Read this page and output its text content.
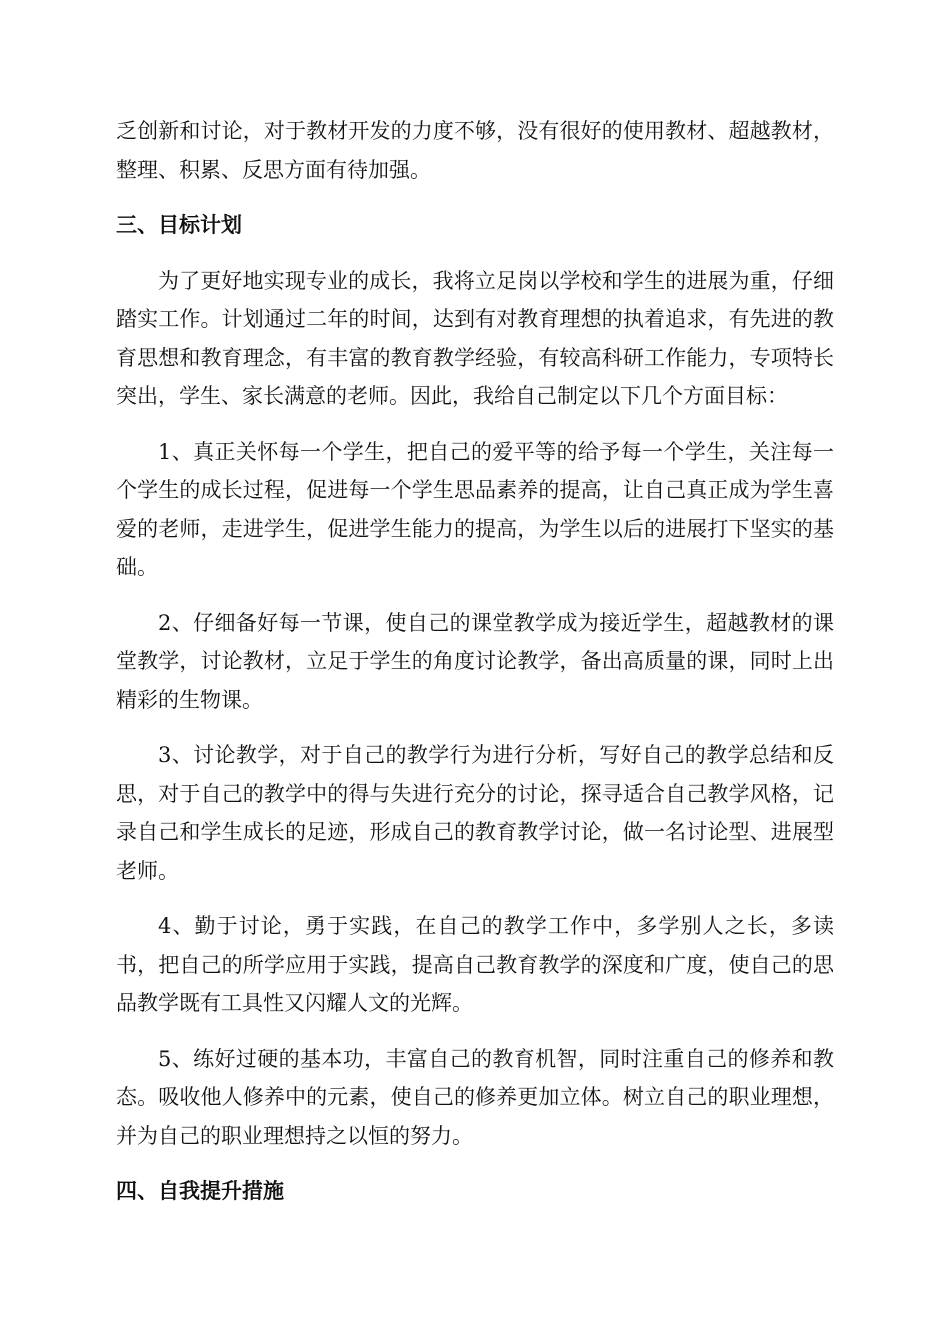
乏创新和讨论，对于教材开发的力度不够，没有很好的使用教材、超越教材，整理、积累、反思方面有待加强。

三、目标计划

为了更好地实现专业的成长，我将立足岗以学校和学生的进展为重，仔细踏实工作。计划通过二年的时间，达到有对教育理想的执着追求，有先进的教育思想和教育理念，有丰富的教育教学经验，有较高科研工作能力，专项特长突出，学生、家长满意的老师。因此，我给自己制定以下几个方面目标：

1、真正关怀每一个学生，把自己的爱平等的给予每一个学生，关注每一个学生的成长过程，促进每一个学生思品素养的提高，让自己真正成为学生喜爱的老师，走进学生，促进学生能力的提高，为学生以后的进展打下坚实的基础。

2、仔细备好每一节课，使自己的课堂教学成为接近学生，超越教材的课堂教学，讨论教材，立足于学生的角度讨论教学，备出高质量的课，同时上出精彩的生物课。

3、讨论教学，对于自己的教学行为进行分析，写好自己的教学总结和反思，对于自己的教学中的得与失进行充分的讨论，探寻适合自己教学风格，记录自己和学生成长的足迹，形成自己的教育教学讨论，做一名讨论型、进展型老师。

4、勤于讨论，勇于实践，在自己的教学工作中，多学别人之长，多读书，把自己的所学应用于实践，提高自己教育教学的深度和广度，使自己的思品教学既有工具性又闪耀人文的光辉。

5、练好过硬的基本功，丰富自己的教育机智，同时注重自己的修养和教态。吸收他人修养中的元素，使自己的修养更加立体。树立自己的职业理想，并为自己的职业理想持之以恒的努力。

四、自我提升措施
